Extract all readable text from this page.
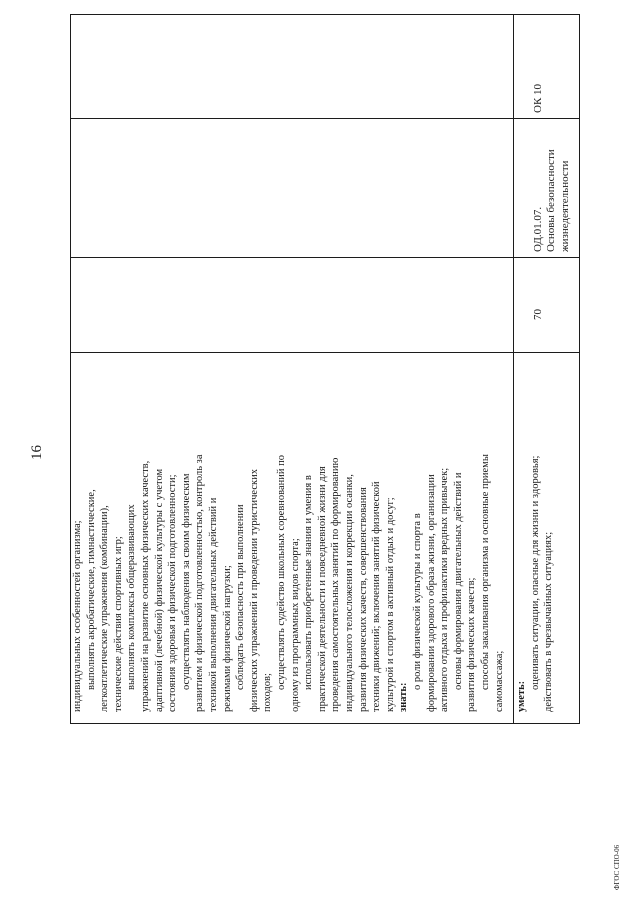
16
ФГОС СПО-06
индивидуальных особенностей организма; выполнять акробатические, гимнастические, легкоатлетические упражнения (комбинации), технические действия спортивных игр; выполнять комплексы общеразвивающих упражнений на развитие основных физических качеств, адаптивной (лечебной) физической культуры с учетом состояния здоровья и физической подготовленности; осуществлять наблюдения за своим физическим развитием и физической подготовленностью, контроль за техникой выполнения двигательных действий и режимами физической нагрузки; соблюдать безопасность при выполнении физических упражнений и проведении туристических походов;
осуществлять судейство школьных соревнований по одному из программных видов спорта; использовать приобретенные знания и умения в практической деятельности и повседневной жизни для проведения самостоятельных занятий по формированию индивидуального телосложения и коррекции осанки, развития физических качеств, совершенствования техники движений; включения занятий физической культурой и спортом в активный отдых и досуг; знать:
о роли физической культуры и спорта в формировании здорового образа жизни, организации активного отдыха и профилактики вредных привычек; основы формирования двигательных действий и развития физических качеств; способы закаливания организма и основные приемы самомассажа; уметь:
оценивать ситуации, опасные для жизни и здоровья; действовать в чрезвычайных ситуациях;
70
ОД.01.07. Основы безопасности жизнедеятельности
ОК 10
